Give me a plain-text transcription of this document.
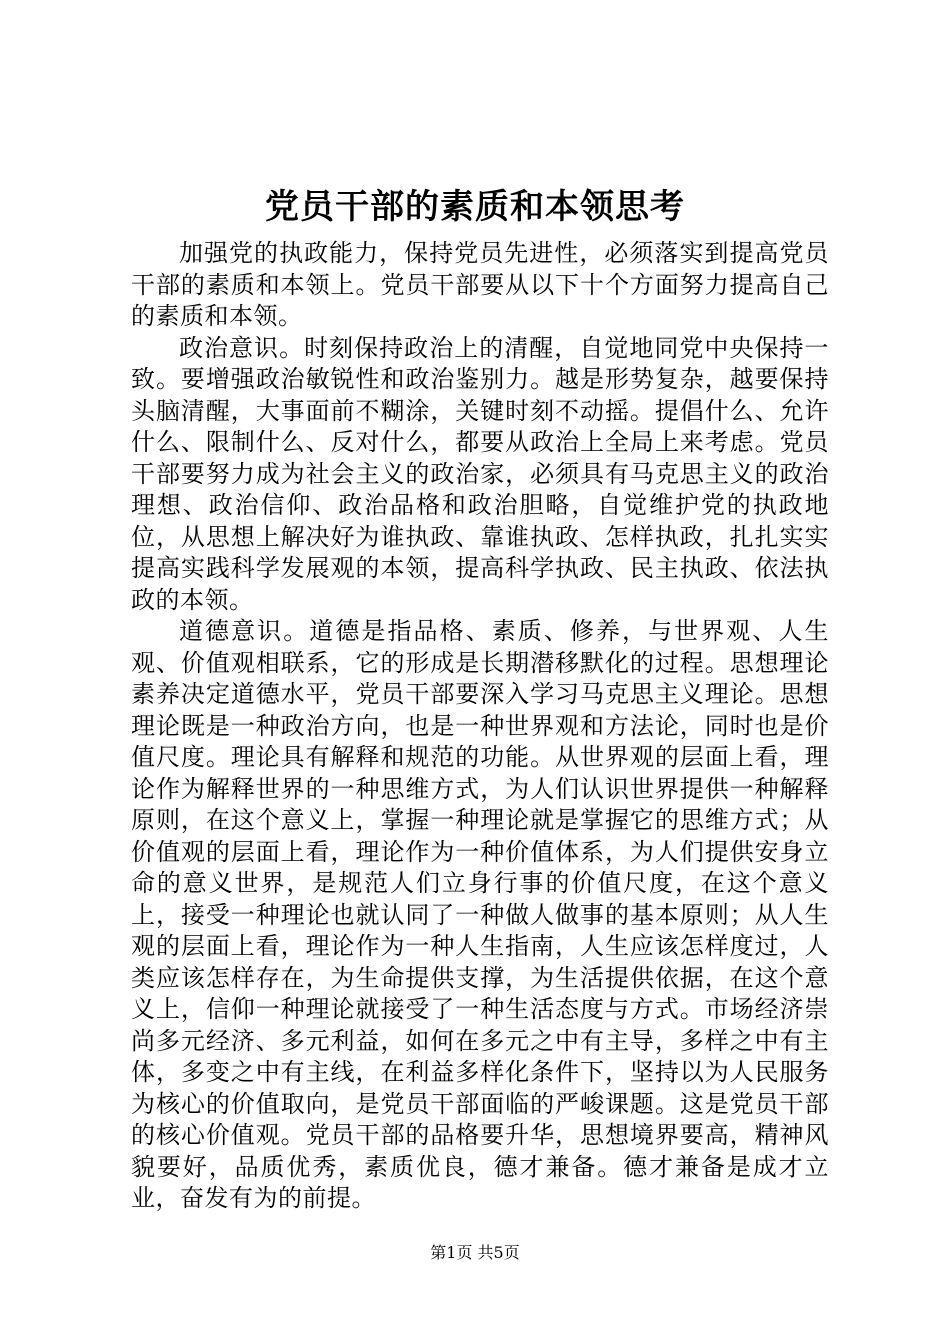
党员干部的素质和本领思考

加强党的执政能力，保持党员先进性，必须落实到提高党员干部的素质和本领上。党员干部要从以下十个方面努力提高自己的素质和本领。

政治意识。时刻保持政治上的清醒，自觉地同党中央保持一致。要增强政治敏锐性和政治鉴别力。越是形势复杂，越要保持头脑清醒，大事面前不糊涂，关键时刻不动摇。提倡什么、允许什么、限制什么、反对什么，都要从政治上全局上来考虑。党员干部要努力成为社会主义的政治家，必须具有马克思主义的政治理想、政治信仰、政治品格和政治胆略，自觉维护党的执政地位，从思想上解决好为谁执政、靠谁执政、怎样执政，扎扎实实提高实践科学发展观的本领，提高科学执政、民主执政、依法执政的本领。

道德意识。道德是指品格、素质、修养，与世界观、人生观、价值观相联系，它的形成是长期潜移默化的过程。思想理论素养决定道德水平，党员干部要深入学习马克思主义理论。思想理论既是一种政治方向，也是一种世界观和方法论，同时也是价值尺度。理论具有解释和规范的功能。从世界观的层面上看，理论作为解释世界的一种思维方式，为人们认识世界提供一种解释原则，在这个意义上，掌握一种理论就是掌握它的思维方式；从价值观的层面上看，理论作为一种价值体系，为人们提供安身立命的意义世界，是规范人们立身行事的价值尺度，在这个意义上，接受一种理论也就认同了一种做人做事的基本原则；从人生观的层面上看，理论作为一种人生指南，人生应该怎样度过，人类应该怎样存在，为生命提供支撑，为生活提供依据，在这个意义上，信仰一种理论就接受了一种生活态度与方式。市场经济崇尚多元经济、多元利益，如何在多元之中有主导，多样之中有主体，多变之中有主线，在利益多样化条件下，坚持以为人民服务为核心的价值取向，是党员干部面临的严峻课题。这是党员干部的核心价值观。党员干部的品格要升华，思想境界要高，精神风貌要好，品质优秀，素质优良，德才兼备。德才兼备是成才立业，奋发有为的前提。

第1页 共5页
